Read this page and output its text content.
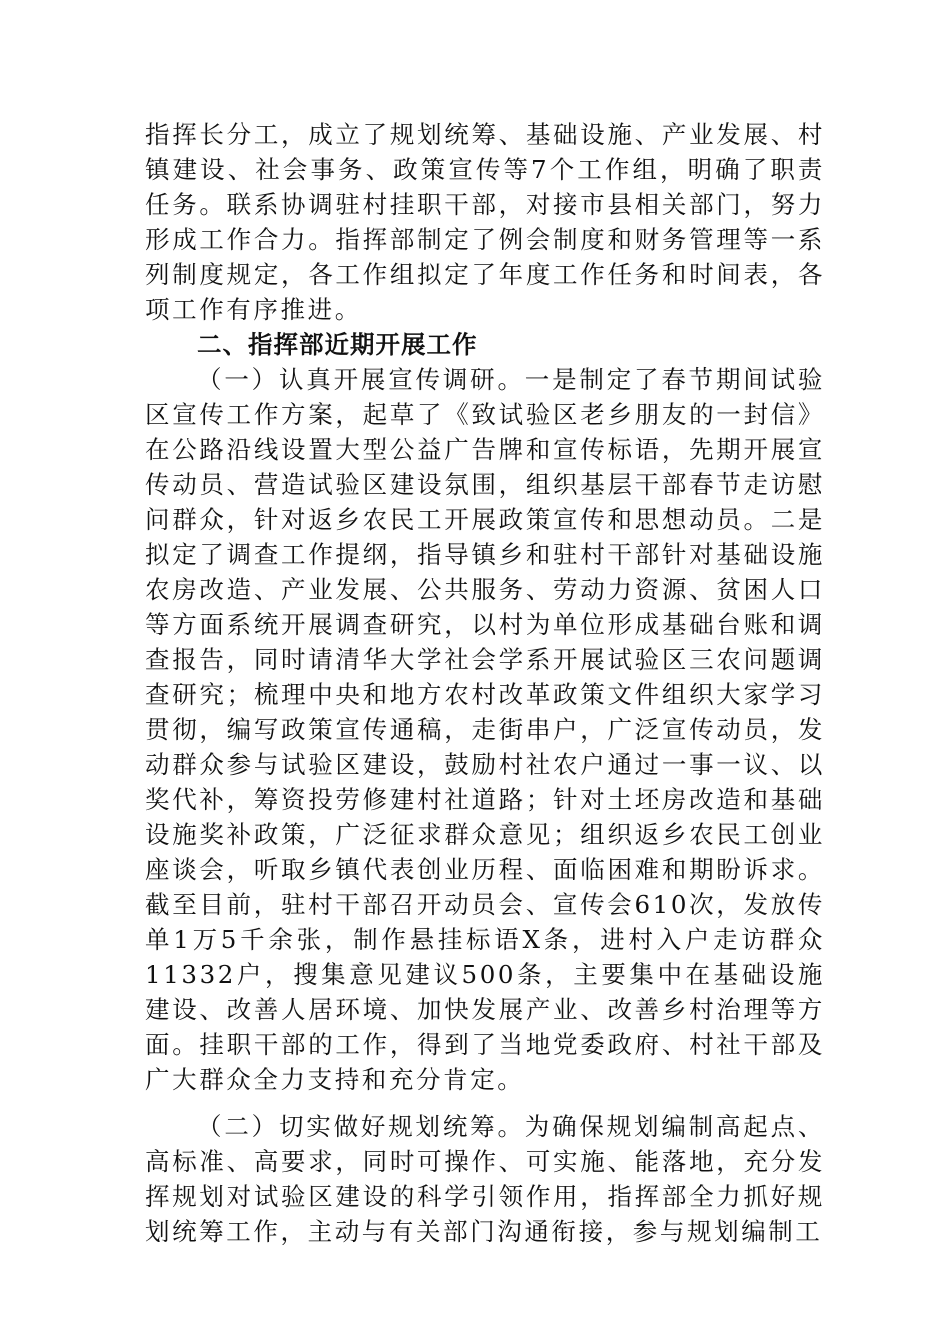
指挥长分工，成立了规划统筹、基础设施、产业发展、村镇建设、社会事务、政策宣传等7个工作组，明确了职责任务。联系协调驻村挂职干部，对接市县相关部门，努力形成工作合力。指挥部制定了例会制度和财务管理等一系列制度规定，各工作组拟定了年度工作任务和时间表，各项工作有序推进。

二、指挥部近期开展工作

（一）认真开展宣传调研。一是制定了春节期间试验区宣传工作方案，起草了《致试验区老乡朋友的一封信》在公路沿线设置大型公益广告牌和宣传标语，先期开展宣传动员、营造试验区建设氛围，组织基层干部春节走访慰问群众，针对返乡农民工开展政策宣传和思想动员。二是拟定了调查工作提纲，指导镇乡和驻村干部针对基础设施农房改造、产业发展、公共服务、劳动力资源、贫困人口等方面系统开展调查研究，以村为单位形成基础台账和调查报告，同时请清华大学社会学系开展试验区三农问题调查研究；梳理中央和地方农村改革政策文件组织大家学习贯彻，编写政策宣传通稿，走街串户，广泛宣传动员，发动群众参与试验区建设，鼓励村社农户通过一事一议、以奖代补，筹资投劳修建村社道路；针对土坯房改造和基础设施奖补政策，广泛征求群众意见；组织返乡农民工创业座谈会，听取乡镇代表创业历程、面临困难和期盼诉求。截至目前，驻村干部召开动员会、宣传会610次，发放传单1万5千余张，制作悬挂标语X条，进村入户走访群众11332户，搜集意见建议500条，主要集中在基础设施建设、改善人居环境、加快发展产业、改善乡村治理等方面。挂职干部的工作，得到了当地党委政府、村社干部及广大群众全力支持和充分肯定。

（二）切实做好规划统筹。为确保规划编制高起点、高标准、高要求，同时可操作、可实施、能落地，充分发挥规划对试验区建设的科学引领作用，指挥部全力抓好规划统筹工作，主动与有关部门沟通衔接，参与规划编制工
